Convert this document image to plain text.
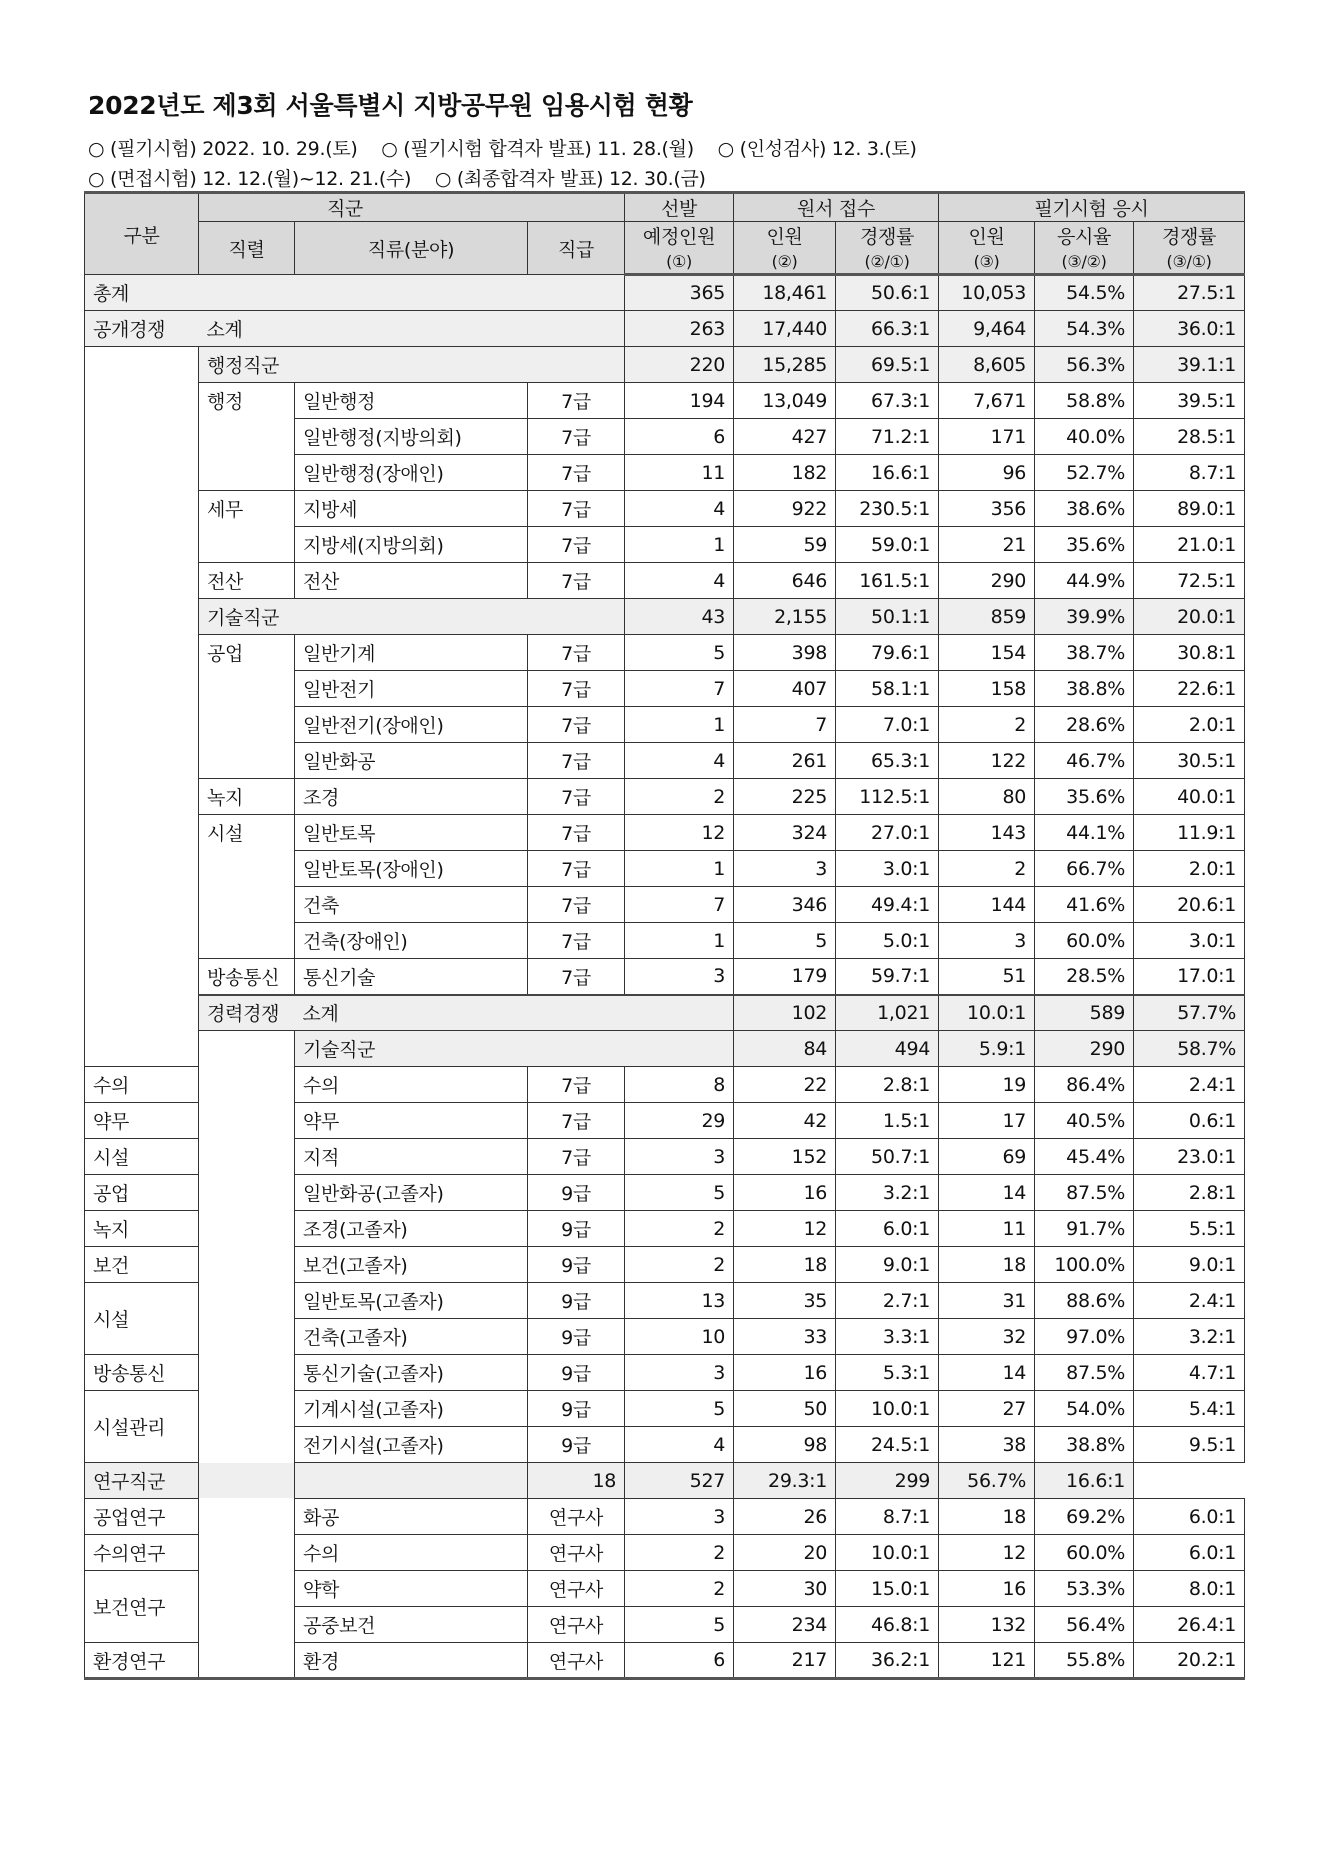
2022년도 제3회 서울특별시 지방공무원 임용시험 현황
○ (필기시험) 2022. 10. 29.(토) ○ (필기시험 합격자 발표) 11. 28.(월) ○ (인성검사) 12. 3.(토)
○ (면접시험) 12. 12.(월)~12. 21.(수) ○ (최종합격자 발표) 12. 30.(금)
구분	직군			선발	원서 접수		필기시험 응시			
	직렬	직류(분야)	직급	예정인원	인원	경쟁률	인원	응시율	경쟁률	
				(①)	(②)	(②/①)	(③)	(③/②)	(③/①)	
총계				365	18,461	50.6:1	10,053	54.5%	27.5:1	
공개경쟁	소계			263	17,440	66.3:1	9,464	54.3%	36.0:1	
	행정직군			220	15,285	69.5:1	8,605	56.3%	39.1:1	
	행정	일반행정	7급	194	13,049	67.3:1	7,671	58.8%	39.5:1	
		일반행정(지방의회)	7급	6	427	71.2:1	171	40.0%	28.5:1	
		일반행정(장애인)	7급	11	182	16.6:1	96	52.7%	8.7:1	
	세무	지방세	7급	4	922	230.5:1	356	38.6%	89.0:1	
		지방세(지방의회)	7급	1	59	59.0:1	21	35.6%	21.0:1	
	전산	전산	7급	4	646	161.5:1	290	44.9%	72.5:1	
	기술직군			43	2,155	50.1:1	859	39.9%	20.0:1	
	공업	일반기계	7급	5	398	79.6:1	154	38.7%	30.8:1	
		일반전기	7급	7	407	58.1:1	158	38.8%	22.6:1	
		일반전기(장애인)	7급	1	7	7.0:1	2	28.6%	2.0:1	
		일반화공	7급	4	261	65.3:1	122	46.7%	30.5:1	
	녹지	조경	7급	2	225	112.5:1	80	35.6%	40.0:1	
	시설	일반토목	7급	12	324	27.0:1	143	44.1%	11.9:1	
		일반토목(장애인)	7급	1	3	3.0:1	2	66.7%	2.0:1	
		건축	7급	7	346	49.4:1	144	41.6%	20.6:1	
		건축(장애인)	7급	1	5	5.0:1	3	60.0%	3.0:1	
	방송통신	통신기술	7급	3	179	59.7:1	51	28.5%	17.0:1	
	경력경쟁	소계			102	1,021	10.0:1	589	57.7%	
		기술직군			84	494	5.9:1	290	58.7%	
수의		수의	7급	8	22	2.8:1	19	86.4%	2.4:1	
약무		약무	7급	29	42	1.5:1	17	40.5%	0.6:1	
시설		지적	7급	3	152	50.7:1	69	45.4%	23.0:1	
공업		일반화공(고졸자)	9급	5	16	3.2:1	14	87.5%	2.8:1	
녹지		조경(고졸자)	9급	2	12	6.0:1	11	91.7%	5.5:1	
보건		보건(고졸자)	9급	2	18	9.0:1	18	100.0%	9.0:1	
시설		일반토목(고졸자)	9급	13	35	2.7:1	31	88.6%	2.4:1	
		건축(고졸자)	9급	10	33	3.3:1	32	97.0%	3.2:1	
방송통신		통신기술(고졸자)	9급	3	16	5.3:1	14	87.5%	4.7:1	
시설관리		기계시설(고졸자)	9급	5	50	10.0:1	27	54.0%	5.4:1	
		전기시설(고졸자)	9급	4	98	24.5:1	38	38.8%	9.5:1	
연구직군			18	527	29.3:1	299	56.7%	16.6:1		
공업연구		화공	연구사	3	26	8.7:1	18	69.2%	6.0:1	
수의연구		수의	연구사	2	20	10.0:1	12	60.0%	6.0:1	
보건연구		약학	연구사	2	30	15.0:1	16	53.3%	8.0:1	
		공중보건	연구사	5	234	46.8:1	132	56.4%	26.4:1	
환경연구		환경	연구사	6	217	36.2:1	121	55.8%	20.2:1	
